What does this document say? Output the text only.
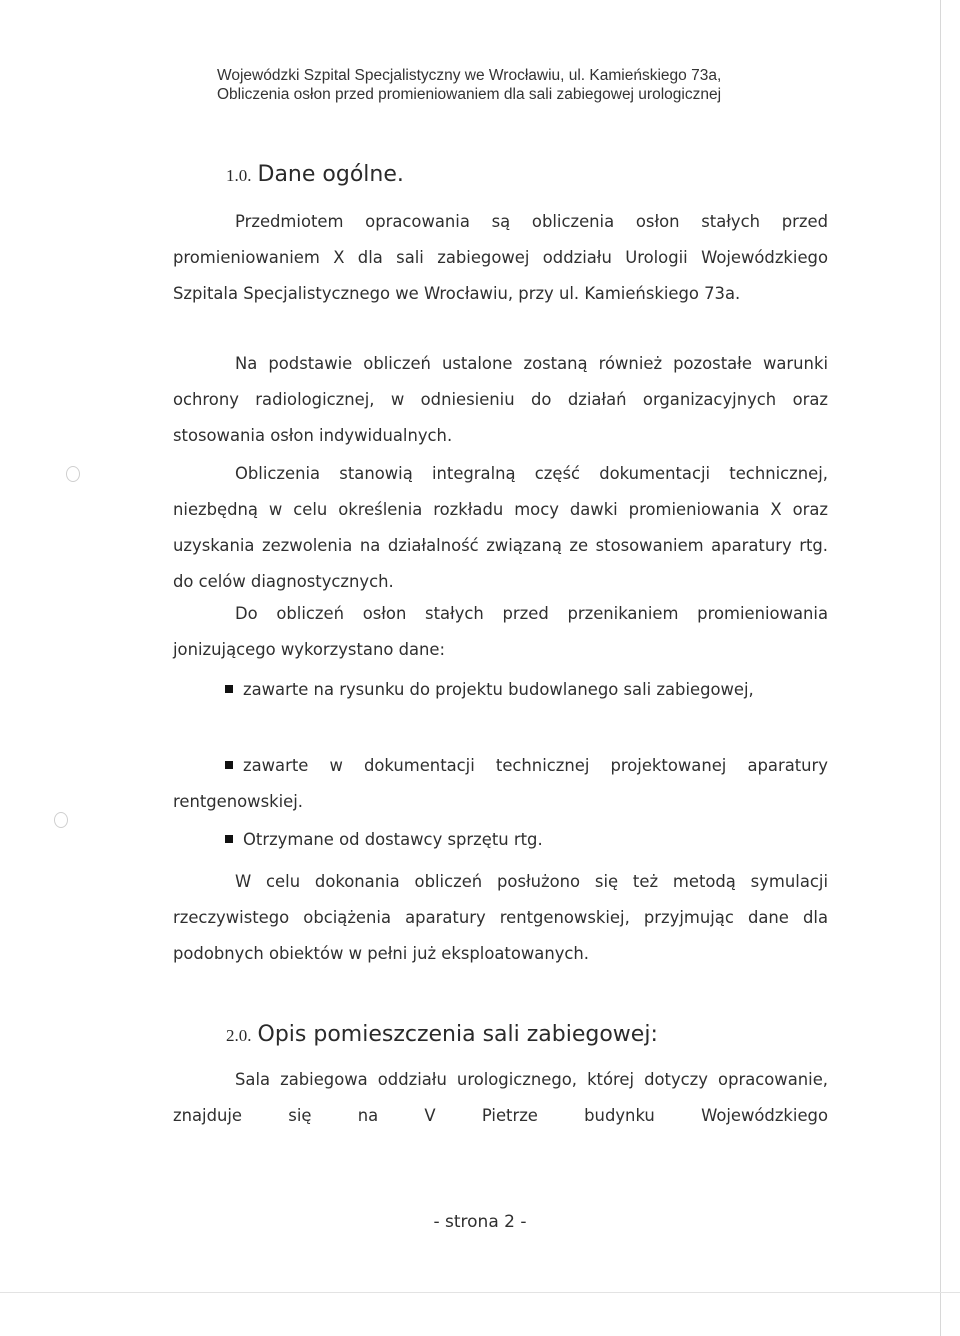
Wojewódzki Szpital Specjalistyczny we Wrocławiu, ul. Kamieńskiego 73a,
Obliczenia osłon przed promieniowaniem dla sali zabiegowej urologicznej
1.0. Dane ogólne.
Przedmiotem opracowania są obliczenia osłon stałych przed promieniowaniem X dla sali zabiegowej oddziału Urologii Wojewódzkiego Szpitala Specjalistycznego we Wrocławiu, przy ul. Kamieńskiego 73a.
Na podstawie obliczeń ustalone zostaną również pozostałe warunki ochrony radiologicznej, w odniesieniu do działań organizacyjnych oraz stosowania osłon indywidualnych.
Obliczenia stanowią integralną część dokumentacji technicznej, niezbędną w celu określenia rozkładu mocy dawki promieniowania X oraz uzyskania zezwolenia na działalność związaną ze stosowaniem aparatury rtg. do celów diagnostycznych.
Do obliczeń osłon stałych przed przenikaniem promieniowania jonizującego wykorzystano dane:
zawarte na rysunku do projektu budowlanego sali zabiegowej,
zawarte w dokumentacji technicznej projektowanej aparatury rentgenowskiej.
Otrzymane od dostawcy sprzętu rtg.
W celu dokonania obliczeń posłużono się też metodą symulacji rzeczywistego obciążenia aparatury rentgenowskiej, przyjmując dane dla podobnych obiektów w pełni już eksploatowanych.
2.0. Opis pomieszczenia sali zabiegowej:
Sala zabiegowa oddziału urologicznego, której dotyczy opracowanie, znajduje się na V Pietrze budynku Wojewódzkiego
- strona 2 -
